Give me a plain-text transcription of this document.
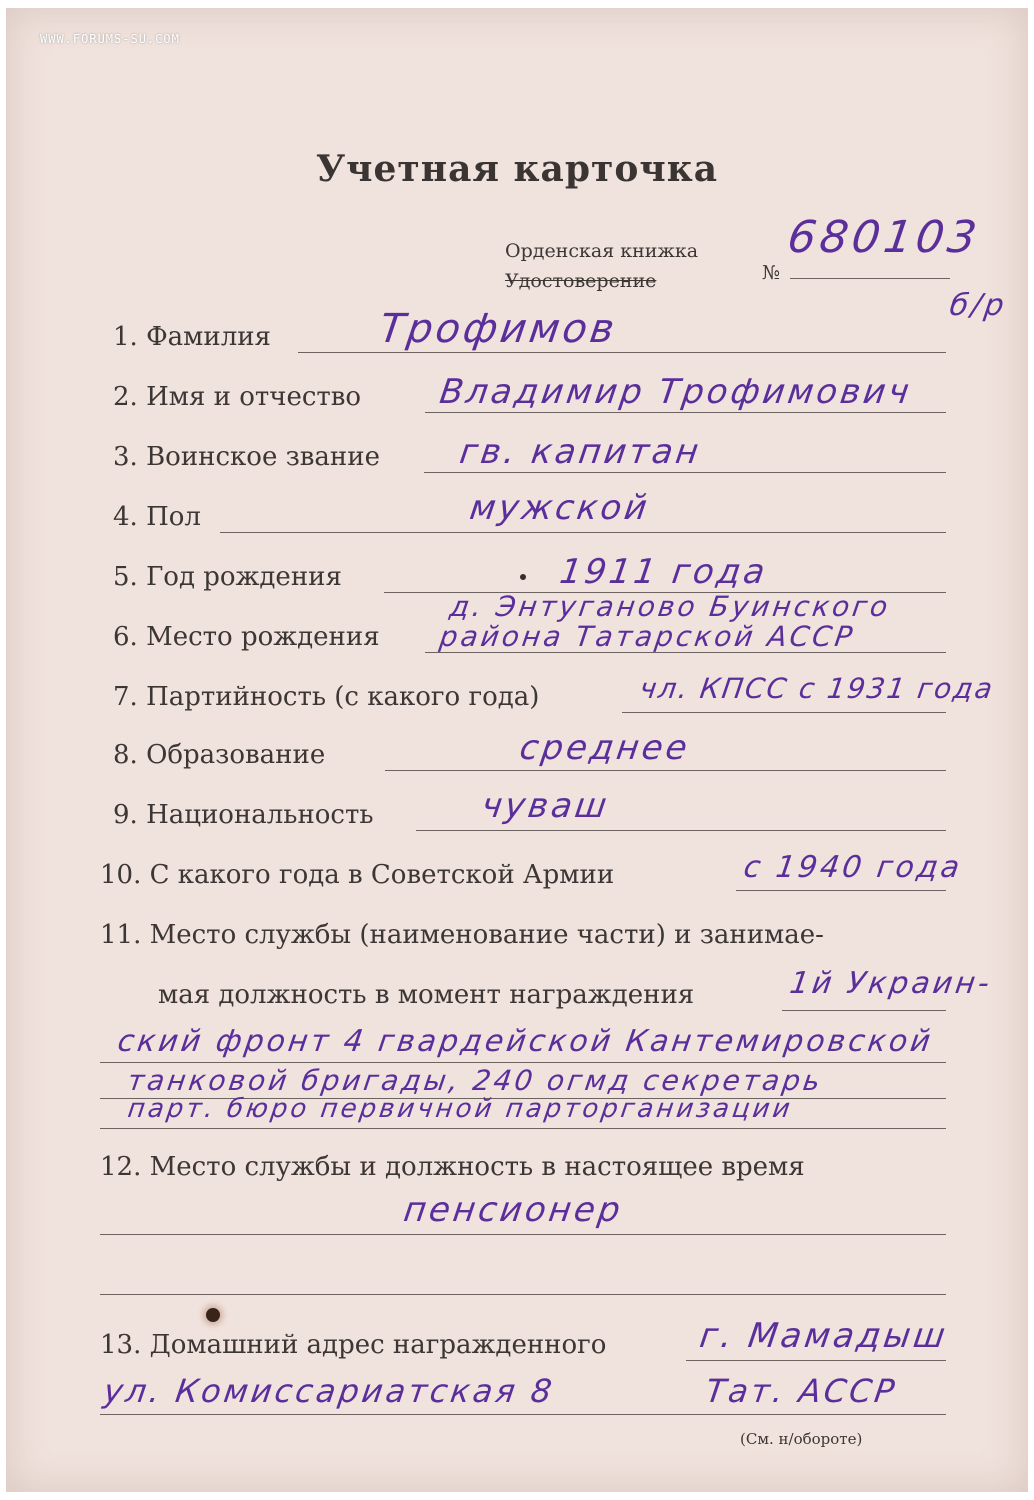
WWW.FORUMS-SU.COM
Учетная карточка
Орденская книжка
Удостоверение	№
680103
б/р
1. Фамилия	Трофимов
2. Имя и отчество Владимир Трофимович
3. Воинское звание гв. капитан
4. Пол	мужской
5. Год рождения	1911 года
6. Место рождения
д. Энтуганово Буинского
района Татарской АССР
7. Партийность (с какого года)	чл. КПСС с 1931 года
8. Образование	среднее
9. Национальность	чуваш
10. С какого года в Советской Армии	с 1940 года
11. Место службы (наименование части) и занимае-
мая должность в момент награждения	1й Украин-
ский фронт 4 гвардейской Кантемировской
танковой бригады, 240 огмд секретарь
парт. бюро первичной парторганизации
12. Место службы и должность в настоящее время
пенсионер
13. Домашний адрес награжденного	г. Мамадыш
ул. Комиссариатская 8	Тат. АССР
(См. н/обороте)
